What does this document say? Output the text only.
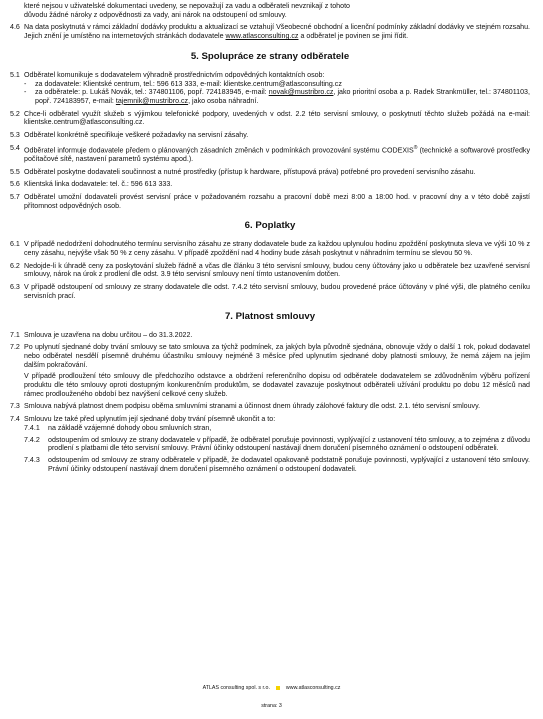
které nejsou v uživatelské dokumentaci uvedeny, se nepovažují za vadu a odběrateli nevznikají z tohoto

důvodu žádné nároky z odpovědnosti za vady, ani nárok na odstoupení od smlouvy.

4.6 Na data poskytnutá v rámci základní dodávky produktu a aktualizací se vztahují Všeobecné obchodní a licenční podmínky základní dodávky ve stejném rozsahu. Jejich znění je umístěno na internetových stránkách dodavatele www.atlasconsulting.cz a odběratel je povinen se jimi řídit.
5. Spolupráce ze strany odběratele
5.1 Odběratel komunikuje s dodavatelem výhradně prostřednictvím odpovědných kontaktních osob:
-	za dodavatele: Klientské centrum, tel.: 596 613 333, e-mail: klientske.centrum@atlasconsulting.cz
-	za odběratele: p. Lukáš Novák, tel.: 374801106, popř. 724183945, e-mail: novak@mustribro.cz, jako prioritní osoba a p. Radek Strankmüller, tel.: 374801103, popř. 724183957, e-mail: tajemnik@mustribro.cz, jako osoba náhradní.
5.2 Chce-li odběratel využít služeb s výjimkou telefonické podpory, uvedených v odst. 2.2 této servisní smlouvy, o poskytnutí těchto služeb požádá na e-mail: klientske.centrum@atlasconsulting.cz.
5.3 Odběratel konkrétně specifikuje veškeré požadavky na servisní zásahy.
5.4 Odběratel informuje dodavatele předem o plánovaných zásadních změnách v podmínkách provozování systému CODEXIS® (technické a softwarové prostředky počítačové sítě, nastavení parametrů systému apod.).
5.5 Odběratel poskytne dodavateli součinnost a nutné prostředky (přístup k hardware, přístupová práva) potřebné pro provedení servisního zásahu.
5.6 Klientská linka dodavatele: tel. č.: 596 613 333.
5.7 Odběratel umožní dodavateli provést servisní práce v požadovaném rozsahu a pracovní době mezi 8:00 a 18:00 hod. v pracovní dny a v této době zajistí přítomnost odpovědných osob.
6. Poplatky
6.1 V případě nedodržení dohodnutého termínu servisního zásahu ze strany dodavatele bude za každou uplynulou hodinu zpoždění poskytnuta sleva ve výši 10 % z ceny zásahu, nejvýše však 50 % z ceny zásahu. V případě zpoždění nad 4 hodiny bude zásah poskytnut v náhradním termínu se slevou 50 %.
6.2 Nedojde-li k úhradě ceny za poskytování služeb řádně a včas dle článku 3 této servisní smlouvy, budou ceny účtovány jako u odběratele bez uzavřené servisní smlouvy, nárok na úrok z prodlení dle odst. 3.9 této servisní smlouvy není tímto ustanovením dotčen.
6.3 V případě odstoupení od smlouvy ze strany dodavatele dle odst. 7.4.2 této servisní smlouvy, budou provedené práce účtovány v plné výši, dle platného ceníku servisních prací.
7. Platnost smlouvy
7.1 Smlouva je uzavřena na dobu určitou – do 31.3.2022.
7.2 Po uplynutí sjednané doby trvání smlouvy se tato smlouva za týchž podmínek, za jakých byla původně sjednána, obnovuje vždy o další 1 rok, pokud dodavatel nebo odběratel nesdělí písemně druhému účastníku smlouvy nejméně 3 měsíce před uplynutím sjednané doby platnosti smlouvy, že nemá zájem na jejím dalším pokračování.

V případě prodloužení této smlouvy dle předchozího odstavce a obdržení referenčního dopisu od odběratele dodavatelem se zdůvodněním výběru pořízení produktu dle této smlouvy oproti dostupným konkurenčním produktům, se dodavatel zavazuje poskytnout odběrateli užívání produktu po dobu 12 měsíců nad rámec prodlouženého období bez navýšení celkové ceny služeb.

7.3 Smlouva nabývá platnost dnem podpisu oběma smluvními stranami a účinnost dnem úhrady zálohové faktury dle odst. 2.1. této servisní smlouvy.
7.4 Smlouvu lze také před uplynutím její sjednané doby trvání písemně ukončit a to:
7.4.1	na základě vzájemné dohody obou smluvních stran,
7.4.2	odstoupením od smlouvy ze strany dodavatele v případě, že odběratel porušuje povinnosti, vyplývající z ustanovení této smlouvy, a to zejména z důvodu prodlení s platbami dle této servisní smlouvy. Právní účinky odstoupení nastávají dnem doručení písemného oznámení o odstoupení odběrateli.
7.4.3	odstoupením od smlouvy ze strany odběratele v případě, že dodavatel opakovaně podstatně porušuje povinnosti, vyplývající z ustanovení této smlouvy. Právní účinky odstoupení nastávají dnem doručení písemného oznámení o odstoupení dodavateli.
ATLAS consulting spol. s r.o.	www.atlasconsulting.cz
strana: 3
